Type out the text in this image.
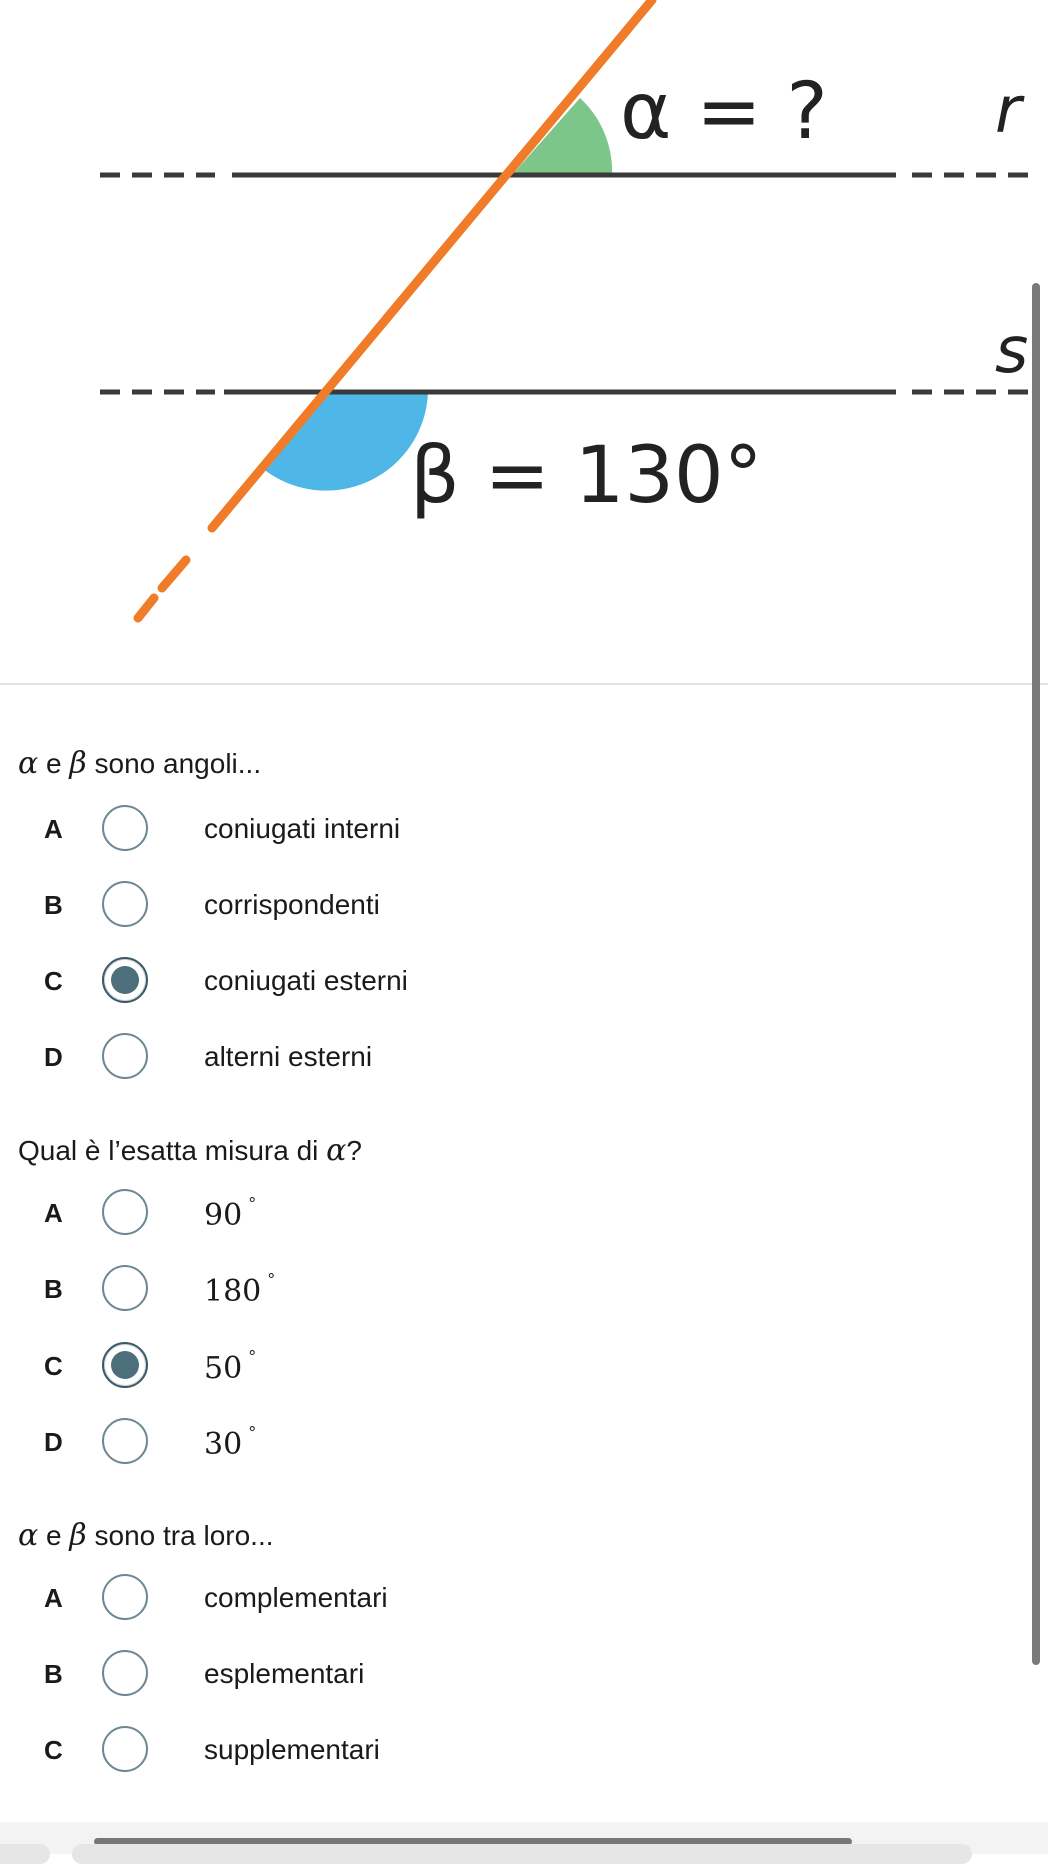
α = ?	r
s
β = 130°
α e β sono angoli...
A	coniugati interni
B	corrispondenti
C	coniugati esterni
D	alterni esterni
Qual è l’esatta misura di α?
A	90 °
B	180 °
C	50 °
D	30 °
α e β sono tra loro...
A	complementari
B	esplementari
C	supplementari
